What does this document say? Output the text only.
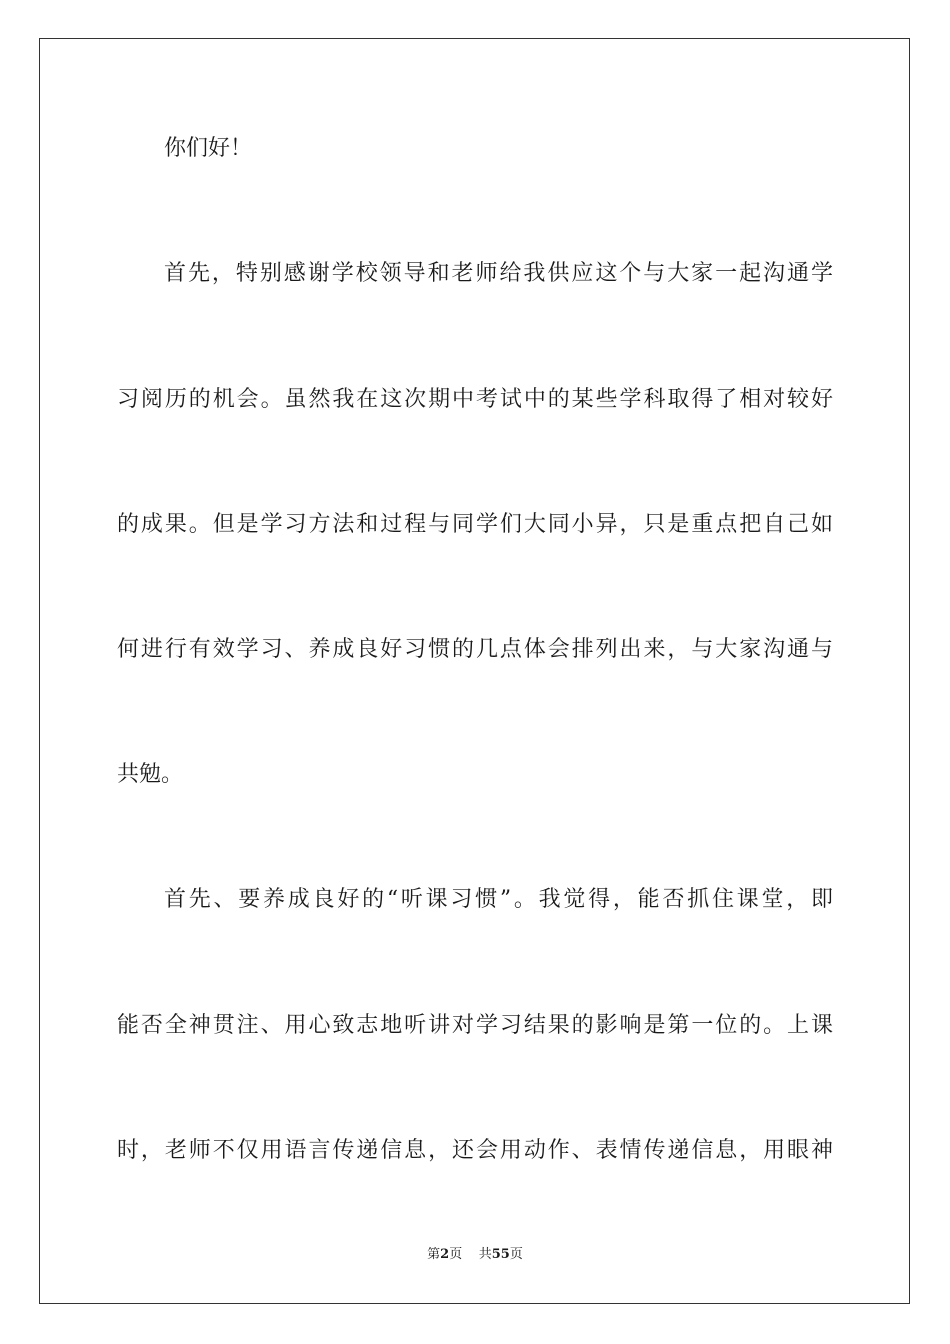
你们好！
首先，特别感谢学校领导和老师给我供应这个与大家一起沟通学
习阅历的机会。虽然我在这次期中考试中的某些学科取得了相对较好
的成果。但是学习方法和过程与同学们大同小异，只是重点把自己如
何进行有效学习、养成良好习惯的几点体会排列出来，与大家沟通与
共勉。
首先、要养成良好的“听课习惯”。我觉得，能否抓住课堂，即
能否全神贯注、用心致志地听讲对学习结果的影响是第一位的。上课
时，老师不仅用语言传递信息，还会用动作、表情传递信息，用眼神
第2页 共55页
